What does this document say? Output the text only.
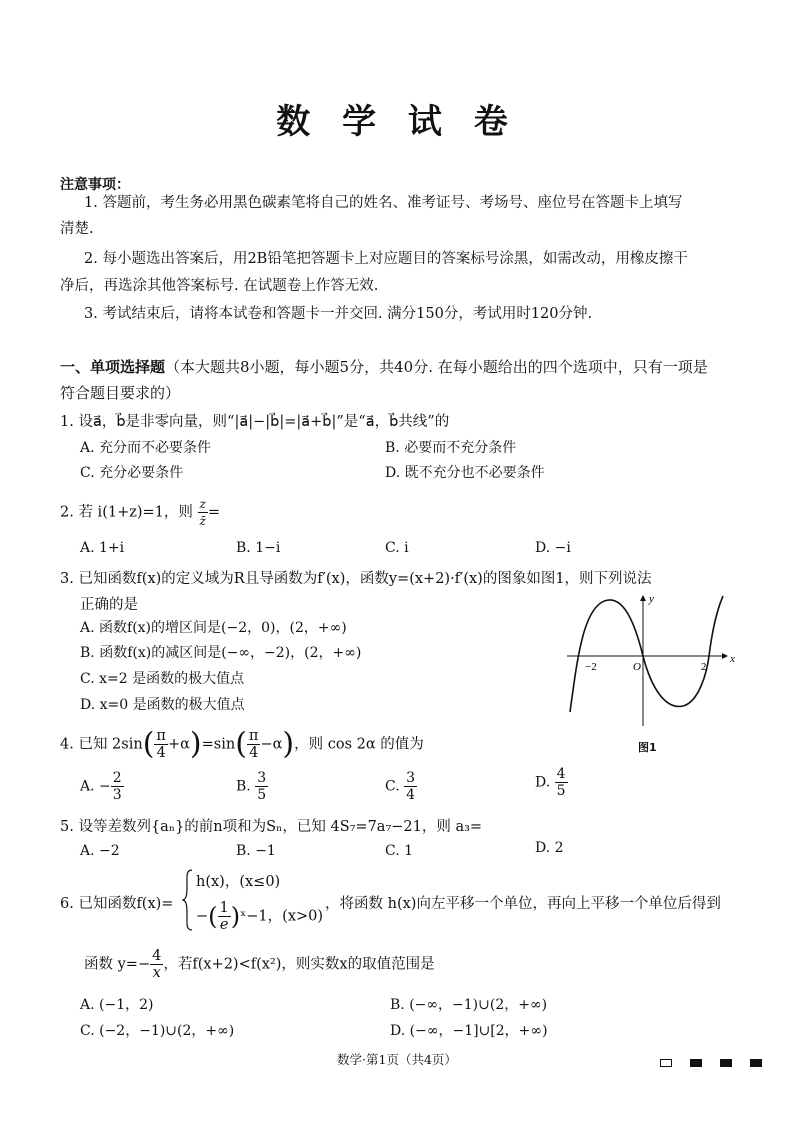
数 学 试 卷
注意事项：
1. 答题前，考生务必用黑色碳素笔将自己的姓名、准考证号、考场号、座位号在答题卡上填写
清楚.
2. 每小题选出答案后，用2B铅笔把答题卡上对应题目的答案标号涂黑，如需改动，用橡皮擦干
净后，再选涂其他答案标号. 在试题卷上作答无效.
3. 考试结束后，请将本试卷和答题卡一并交回. 满分150分，考试用时120分钟.
一、单项选择题（本大题共8小题，每小题5分，共40分. 在每小题给出的四个选项中，只有一项是
符合题目要求的）
1. 设a⃗，b⃗是非零向量，则“|a⃗|−|b⃗|=|a⃗+b⃗|”是“a⃗，b⃗共线”的
A. 充分而不必要条件	B. 必要而不充分条件
C. 充分必要条件	D. 既不充分也不必要条件
2. 若 i(1+z)=1，则 $\frac{z}{z̄}$ =
A. 1+i	B. 1−i	C. i	D. −i
3. 已知函数f(x)的定义域为R且导函数为f′(x)，函数y=(x+2)·f′(x)的图象如图1，则下列说法
正确的是
A. 函数f(x)的增区间是(−2，0)，(2，+∞)
B. 函数f(x)的减区间是(−∞，−2)，(2，+∞)
C. x=2 是函数的极大值点
D. x=0 是函数的极大值点
x
y
−2	O	2
图1
4. 已知 $2\sin( \frac{\pi}{4} +\alpha)=\sin( \frac{\pi}{4} -\alpha)$，则 cos 2α 的值为
A. − $\frac{2}{3}$	B. $\frac{3}{5}$	C. $\frac{3}{4}$	D. $\frac{4}{5}$
5. 设等差数列{aₙ}的前n项和为Sₙ，已知 4S₇=7a₇−21，则 a₃=
A. −2	B. −1	C. 1	D. 2
6. 已知函数f(x)=
h(x)，(x≤0)
−( $\frac{1}{e}$ )ˣ−1，(x>0)
，将函数 h(x)向左平移一个单位，再向上平移一个单位后得到
函数 $y=- \frac{4}{x}$ ，若f(x+2)<f(x²)，则实数x的取值范围是
A. (−1，2)	B. (−∞，−1)∪(2，+∞)
C. (−2，−1)∪(2，+∞)	D. (−∞，−1]∪[2，+∞)
数学·第1页（共4页）
